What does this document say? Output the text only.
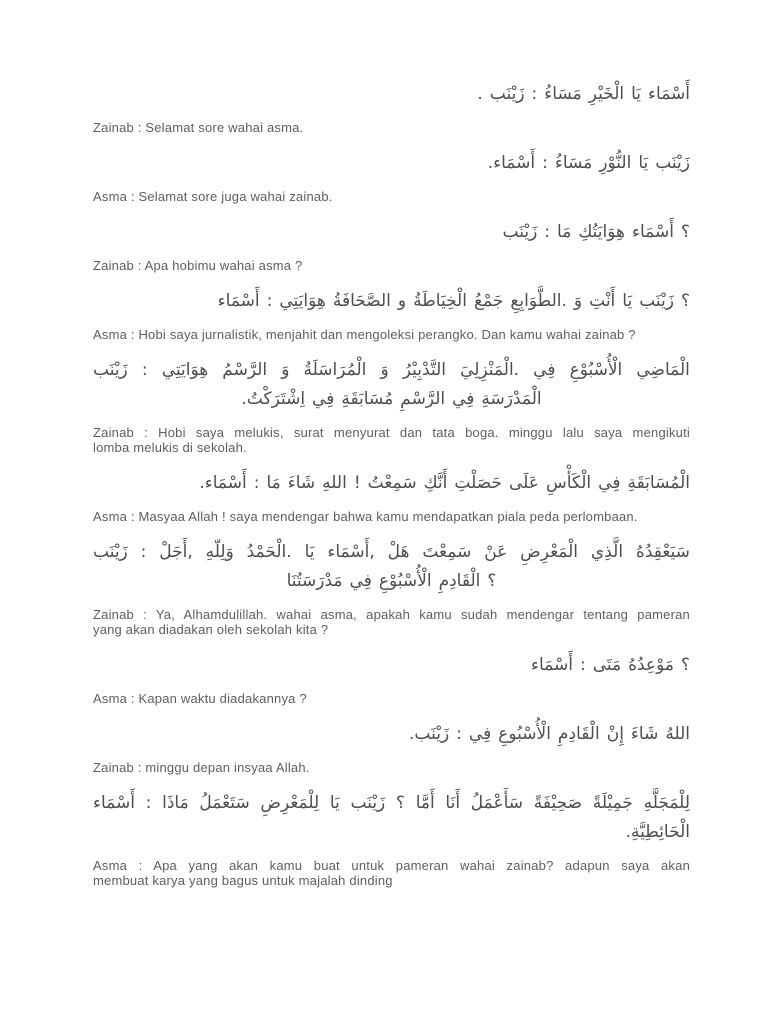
. زَيْنَب : مَسَاءُ الْخَيْرِ يَا أَسْمَاء
Zainab : Selamat sore wahai asma.
أَسْمَاء. : مَسَاءُ النُّوْرِ يَا زَيْنَب
Asma : Selamat sore juga wahai zainab.
زَيْنَب : مَا هِوَايَتُكِ أَسْمَاء ؟
Zainab : Apa hobimu wahai asma ?
أَسْمَاء : هِوَايَتِي الصَّحَافَةُ و الْخِيَاطَةُ جَمْعُ .الطَّوَابِعِ وَ أَنْتِ يَا زَيْنَب ؟
Asma : Hobi saya jurnalistik, menjahit dan mengoleksi perangko. Dan kamu wahai zainab ?
زَيْنَب : هِوَايَتِي الرَّسْمُ وَ الْمُرَاسَلَةُ وَ التَّدْبِيْرُ .الْمَنْزِلِيَ فِي الْأُسْبُوْعِ الْمَاضِي
اِشْتَرَكْتُ. فِي مُسَابَقَةِ الرَّسْمِ فِي الْمَدْرَسَةِ
Zainab : Hobi saya melukis, surat menyurat dan tata boga. minggu lalu saya mengikuti
lomba melukis di sekolah.
أَسْمَاء. : مَا شَاءَ اللهِ ! سَمِعْتُ أَنَّكِ حَصَلْتِ عَلَى الْكَأْسِ فِي الْمُسَابَقَةِ
Asma : Masyaa Allah ! saya mendengar bahwa kamu mendapatkan piala peda perlombaan.
زَيْنَب : ,أَجَلْ وَلِلّهِ .الْحَمْدُ يَا ,أَسْمَاء هَلْ سَمِعْتَ عَنْ الْمَعْرِضِ الَّذِي سَيَعْقِدُهُ
مَدْرَسَتُنَا فِي الْأُسْبُوْعِ الْقَادِمِ ؟
Zainab : Ya, Alhamdulillah. wahai asma, apakah kamu sudah mendengar tentang pameran
yang akan diadakan oleh sekolah kita ?
أَسْمَاء : مَتَى مَوْعِدُهُ ؟
Asma : Kapan waktu diadakannya ?
زَيْنَب. : فِي الْأُسْبُوعِ الْقَادِمِ إِنْ شَاءَ اللهُ
Zainab : minggu depan insyaa Allah.
أَسْمَاء : مَاذَا سَتَعْمَلُ لِلْمَعْرِضِ يَا زَيْنَب ؟ أَمَّا أَنَا سَأَعْمَلُ صَحِيْفَةً جَمِيْلَةً لِلْمَجَلَّهِ
الْحَائِطِيَّةِ.
Asma : Apa yang akan kamu buat untuk pameran wahai zainab? adapun saya akan
membuat karya yang bagus untuk majalah dinding
